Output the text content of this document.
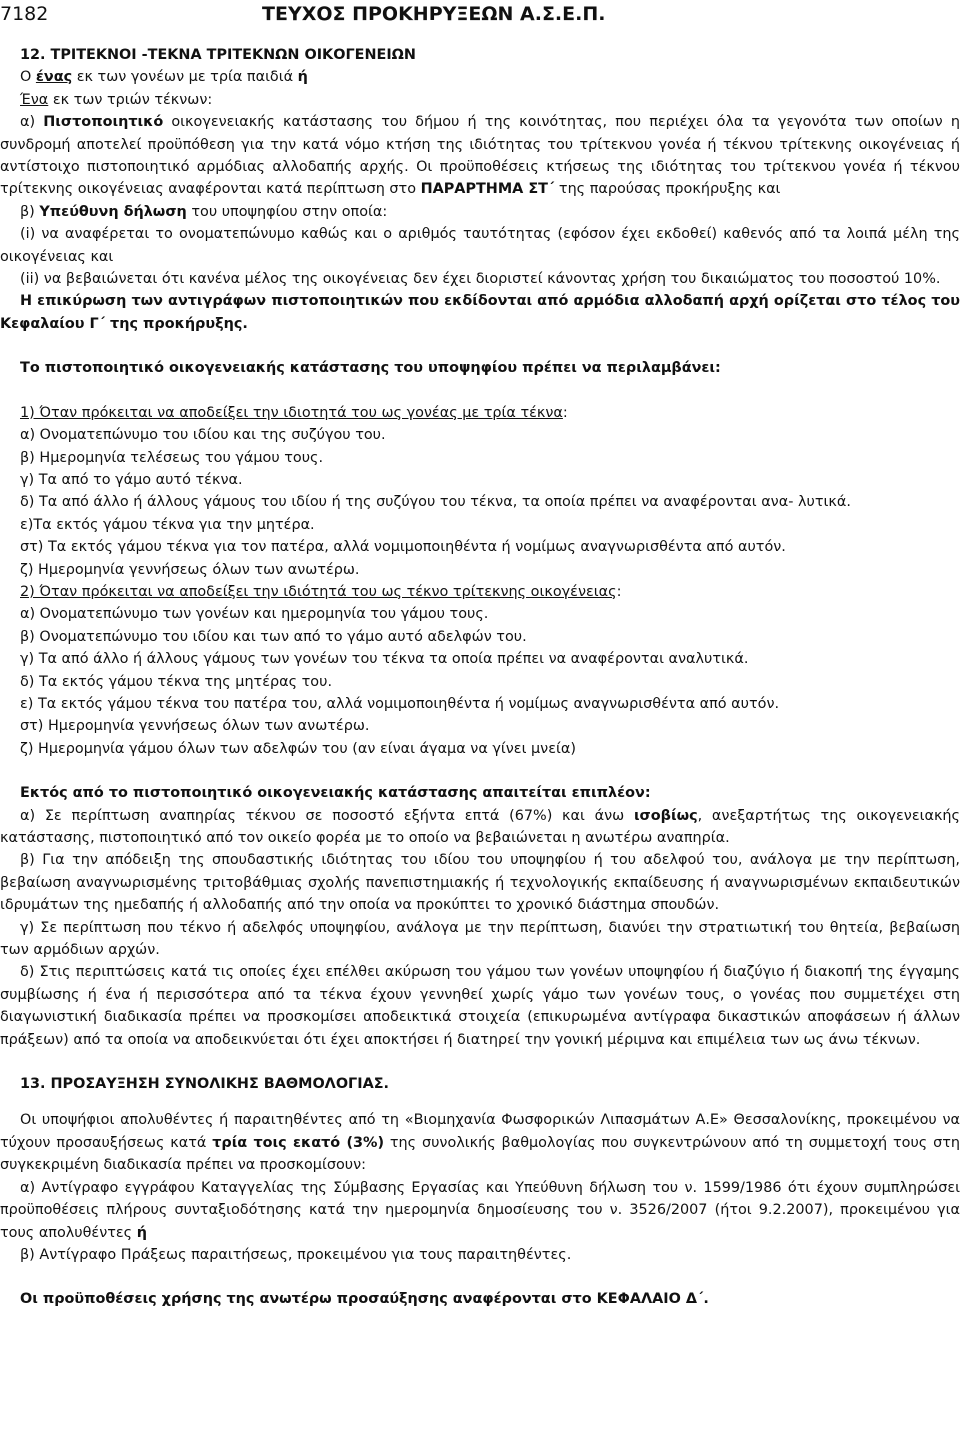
7182	ΤΕΥΧΟΣ ΠΡΟΚΗΡΥΞΕΩΝ Α.Σ.Ε.Π.

12. ΤΡΙΤΕΚΝΟΙ -ΤΕΚΝΑ ΤΡΙΤΕΚΝΩΝ ΟΙΚΟΓΕΝΕΙΩΝ

Ο ένας εκ των γονέων με τρία παιδιά ή

Ένα εκ των τριών τέκνων:

α) Πιστοποιητικό οικογενειακής κατάστασης του δήμου ή της κοινότητας, που περιέχει όλα τα γεγονότα των οποίων η συνδρομή αποτελεί προϋπόθεση για την κατά νόμο κτήση της ιδιότητας του τρίτεκνου γονέα ή τέκνου τρίτεκνης οικογένειας ή αντίστοιχο πιστοποιητικό αρμόδιας αλλοδαπής αρχής. Οι προϋποθέσεις κτήσεως της ιδιότητας του τρίτεκνου γονέα ή τέκνου τρίτεκνης οικογένειας αναφέρονται κατά περίπτωση στο ΠΑΡΑΡΤΗΜΑ ΣΤ΄ της παρούσας προκήρυξης και

β) Υπεύθυνη δήλωση του υποψηφίου στην οποία:

(i) να αναφέρεται το ονοματεπώνυμο καθώς και ο αριθμός ταυτότητας (εφόσον έχει εκδοθεί) καθενός από τα λοιπά μέλη της οικογένειας και

(ii) να βεβαιώνεται ότι κανένα μέλος της οικογένειας δεν έχει διοριστεί κάνοντας χρήση του δικαιώματος του ποσοστού 10%.

Η επικύρωση των αντιγράφων πιστοποιητικών που εκδίδονται από αρμόδια αλλοδαπή αρχή ορίζεται στο τέλος του Κεφαλαίου Γ΄ της προκήρυξης.

Το πιστοποιητικό οικογενειακής κατάστασης του υποψηφίου πρέπει να περιλαμβάνει:

1) Όταν πρόκειται να αποδείξει την ιδιοτητά του ως γονέας με τρία τέκνα:

α) Ονοματεπώνυμο του ιδίου και της συζύγου του.

β) Ημερομηνία τελέσεως του γάμου τους.

γ) Τα από το γάμο αυτό τέκνα.

δ) Τα από άλλο ή άλλους γάμους του ιδίου ή της συζύγου του τέκνα, τα οποία πρέπει να αναφέρονται ανα- λυτικά.

ε)Τα εκτός γάμου τέκνα για την μητέρα.

στ) Τα εκτός γάμου τέκνα για τον πατέρα, αλλά νομιμοποιηθέντα ή νομίμως αναγνωρισθέντα από αυτόν.

ζ) Ημερομηνία γεννήσεως όλων των ανωτέρω.

2) Όταν πρόκειται να αποδείξει την ιδιότητά του ως τέκνο τρίτεκνης οικογένειας:

α) Ονοματεπώνυμο των γονέων και ημερομηνία του γάμου τους.

β) Ονοματεπώνυμο του ιδίου και των από το γάμο αυτό αδελφών του.

γ) Τα από άλλο ή άλλους γάμους των γονέων του τέκνα τα οποία πρέπει να αναφέρονται αναλυτικά.

δ) Τα εκτός γάμου τέκνα της μητέρας του.

ε) Τα εκτός γάμου τέκνα του πατέρα του, αλλά νομιμοποιηθέντα ή νομίμως αναγνωρισθέντα από αυτόν.

στ) Ημερομηνία γεννήσεως όλων των ανωτέρω.

ζ) Ημερομηνία γάμου όλων των αδελφών του (αν είναι άγαμα να γίνει μνεία)

Εκτός από το πιστοποιητικό οικογενειακής κατάστασης απαιτείται επιπλέον:

α) Σε περίπτωση αναπηρίας τέκνου σε ποσοστό εξήντα επτά (67%) και άνω ισοβίως, ανεξαρτήτως της οικογενειακής κατάστασης, πιστοποιητικό από τον οικείο φορέα με το οποίο να βεβαιώνεται η ανωτέρω αναπηρία.

β) Για την απόδειξη της σπουδαστικής ιδιότητας του ιδίου του υποψηφίου ή του αδελφού του, ανάλογα με την περίπτωση, βεβαίωση αναγνωρισμένης τριτοβάθμιας σχολής πανεπιστημιακής ή τεχνολογικής εκπαίδευσης ή αναγνωρισμένων εκπαιδευτικών ιδρυμάτων της ημεδαπής ή αλλοδαπής από την οποία να προκύπτει το χρονικό διάστημα σπουδών.

γ) Σε περίπτωση που τέκνο ή αδελφός υποψηφίου, ανάλογα με την περίπτωση, διανύει την στρατιωτική του θητεία, βεβαίωση των αρμόδιων αρχών.

δ) Στις περιπτώσεις κατά τις οποίες έχει επέλθει ακύρωση του γάμου των γονέων υποψηφίου ή διαζύγιο ή διακοπή της έγγαμης συμβίωσης ή ένα ή περισσότερα από τα τέκνα έχουν γεννηθεί χωρίς γάμο των γονέων τους, ο γονέας που συμμετέχει στη διαγωνιστική διαδικασία πρέπει να προσκομίσει αποδεικτικά στοιχεία (επικυρωμένα αντίγραφα δικαστικών αποφάσεων ή άλλων πράξεων) από τα οποία να αποδεικνύεται ότι έχει αποκτήσει ή διατηρεί την γονική μέριμνα και επιμέλεια των ως άνω τέκνων.

13. ΠΡΟΣΑΥΞΗΣΗ ΣΥΝΟΛΙΚΗΣ ΒΑΘΜΟΛΟΓΙΑΣ.

Οι υποψήφιοι απολυθέντες ή παραιτηθέντες από τη «Βιομηχανία Φωσφορικών Λιπασμάτων Α.Ε» Θεσσαλονίκης, προκειμένου να τύχουν προσαυξήσεως κατά τρία τοις εκατό (3%) της συνολικής βαθμολογίας που συγκεντρώνουν από τη συμμετοχή τους στη συγκεκριμένη διαδικασία πρέπει να προσκομίσουν:

α) Αντίγραφο εγγράφου Καταγγελίας της Σύμβασης Εργασίας και Υπεύθυνη δήλωση του ν. 1599/1986 ότι έχουν συμπληρώσει προϋποθέσεις πλήρους συνταξιοδότησης κατά την ημερομηνία δημοσίευσης του ν. 3526/2007 (ήτοι 9.2.2007), προκειμένου για τους απολυθέντες ή

β) Αντίγραφο Πράξεως παραιτήσεως, προκειμένου για τους παραιτηθέντες.

Οι προϋποθέσεις χρήσης της ανωτέρω προσαύξησης αναφέρονται στο ΚΕΦΑΛΑΙΟ Δ΄.
